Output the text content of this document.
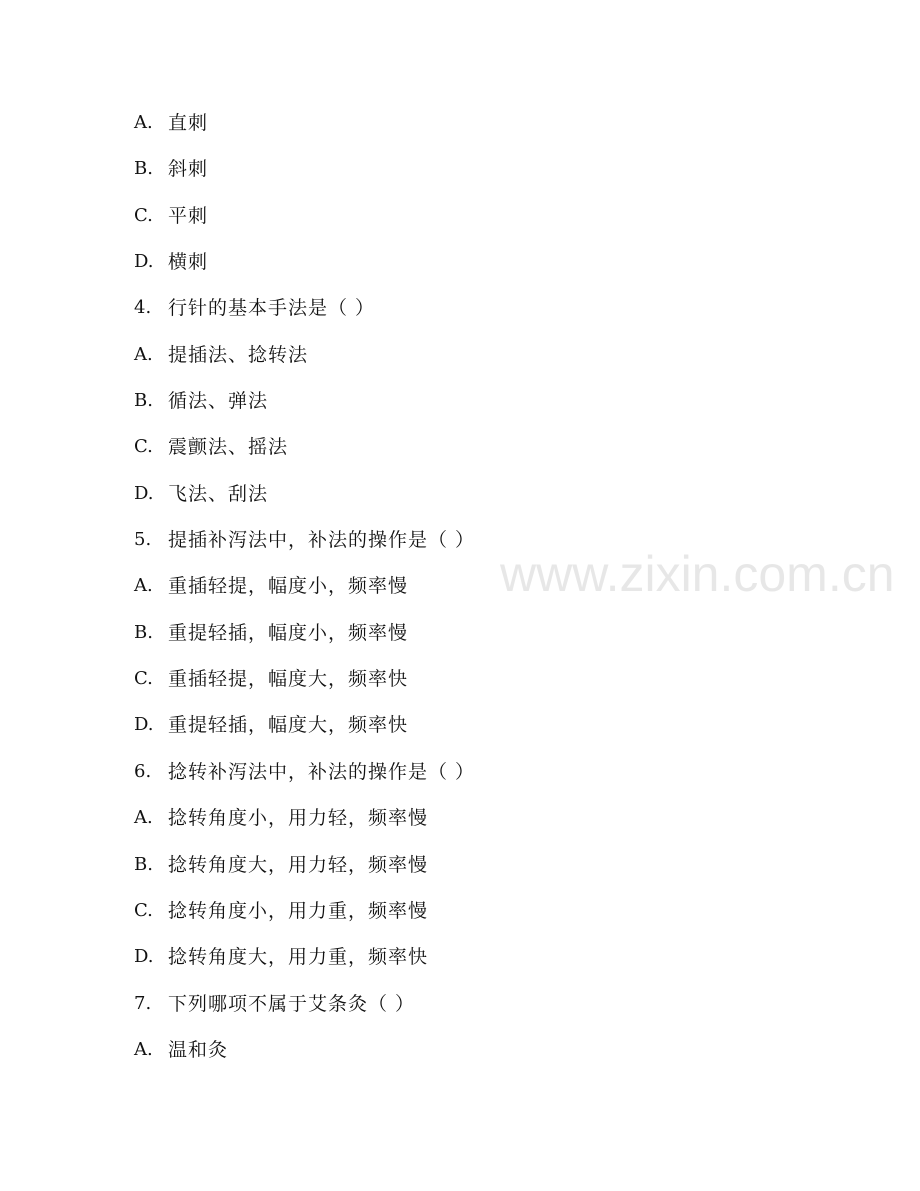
A. 直刺
B. 斜刺
C. 平刺
D. 横刺
4. 行针的基本手法是（ ）
A. 提插法、捻转法
B. 循法、弹法
C. 震颤法、摇法
D. 飞法、刮法
5. 提插补泻法中，补法的操作是（ ）
A. 重插轻提，幅度小，频率慢
B. 重提轻插，幅度小，频率慢
C. 重插轻提，幅度大，频率快
D. 重提轻插，幅度大，频率快
6. 捻转补泻法中，补法的操作是（ ）
A. 捻转角度小，用力轻，频率慢
B. 捻转角度大，用力轻，频率慢
C. 捻转角度小，用力重，频率慢
D. 捻转角度大，用力重，频率快
7. 下列哪项不属于艾条灸（ ）
A. 温和灸
www.zixin.com.cn
